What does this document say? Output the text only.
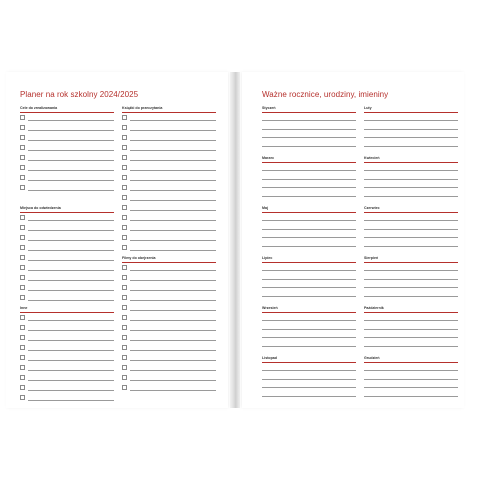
Planer na rok szkolny 2024/2025
Cele do zrealizowania	Książki do przeczytania
Miejsca do odwiedzenia
Filmy do obejrzenia
Inne
Ważne rocznice, urodziny, imieniny
Styczeń	Luty
Marzec	Kwiecień
Maj	Czerwiec
Lipiec	Sierpień
Wrzesień	Październik
Listopad	Grudzień
